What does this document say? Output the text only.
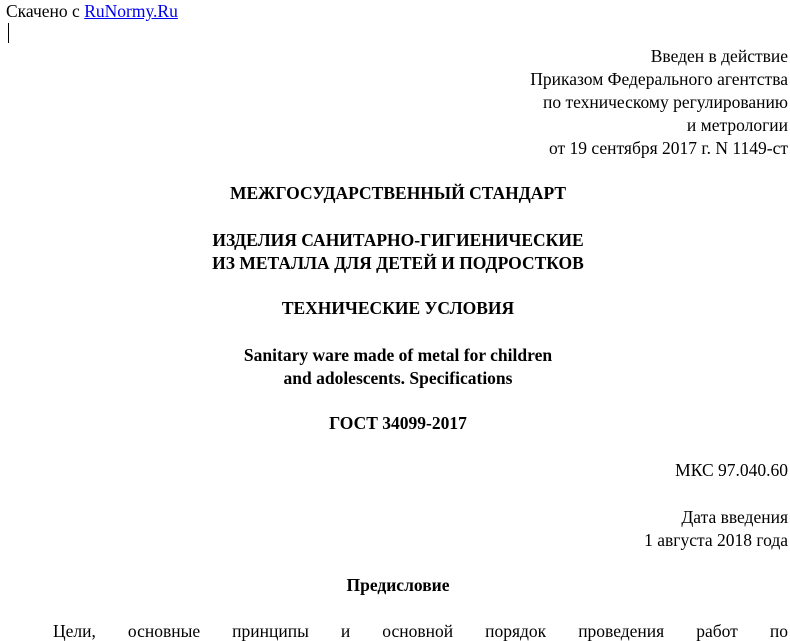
Скачено с RuNormy.Ru
Введен в действие
Приказом Федерального агентства
по техническому регулированию
и метрологии
от 19 сентября 2017 г. N 1149-ст
МЕЖГОСУДАРСТВЕННЫЙ СТАНДАРТ
ИЗДЕЛИЯ САНИТАРНО-ГИГИЕНИЧЕСКИЕ
ИЗ МЕТАЛЛА ДЛЯ ДЕТЕЙ И ПОДРОСТКОВ
ТЕХНИЧЕСКИЕ УСЛОВИЯ
Sanitary ware made of metal for children
and adolescents. Specifications
ГОСТ 34099-2017
МКС 97.040.60
Дата введения
1 августа 2018 года
Предисловие
Цели, основные принципы и основной порядок проведения работ по
